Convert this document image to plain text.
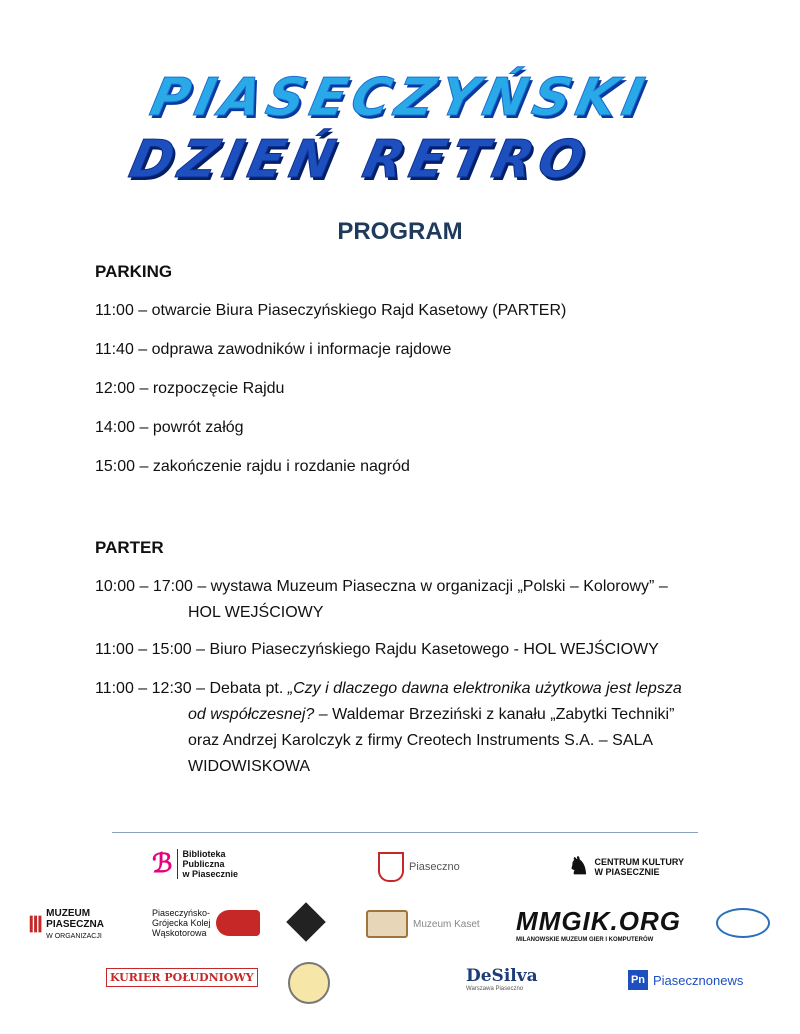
PIASECZYŃSKI
DZIEŃ RETRO
PROGRAM
PARKING
11:00 – otwarcie Biura Piaseczyńskiego Rajd Kasetowy (PARTER)
11:40 – odprawa zawodników i informacje rajdowe
12:00 – rozpoczęcie Rajdu
14:00 – powrót załóg
15:00 – zakończenie rajdu i rozdanie nagród
PARTER
10:00 – 17:00 – wystawa Muzeum Piaseczna w organizacji „Polski – Kolorowy” –
HOL WEJŚCIOWY
11:00 – 15:00 – Biuro Piaseczyńskiego Rajdu Kasetowego - HOL WEJŚCIOWY
11:00 – 12:30 – Debata pt. „Czy i dlaczego dawna elektronika użytkowa jest lepsza
od współczesnej? – Waldemar Brzeziński z kanału „Zabytki Techniki”
oraz Andrzej Karolczyk z firmy Creotech Instruments S.A. – SALA
WIDOWISKOWA
ℬ	Biblioteka
Publiczna
w Piasecznie
Piaseczno	♞ CENTRUM KULTURY
W PIASECZNIE
Ⅲ MUZEUM
PIASECZNA
W ORGANIZACJI
Piaseczyńsko-
Grójecka Kolej
Wąskotorowa
Muzeum Kaset MMGIK.ORG
MILANOWSKIE MUZEUM GIER I KOMPUTERÓW
KURIER POŁUDNIOWY	DeSilva
Warszawa Piaseczno
Pn Piasecznonews
